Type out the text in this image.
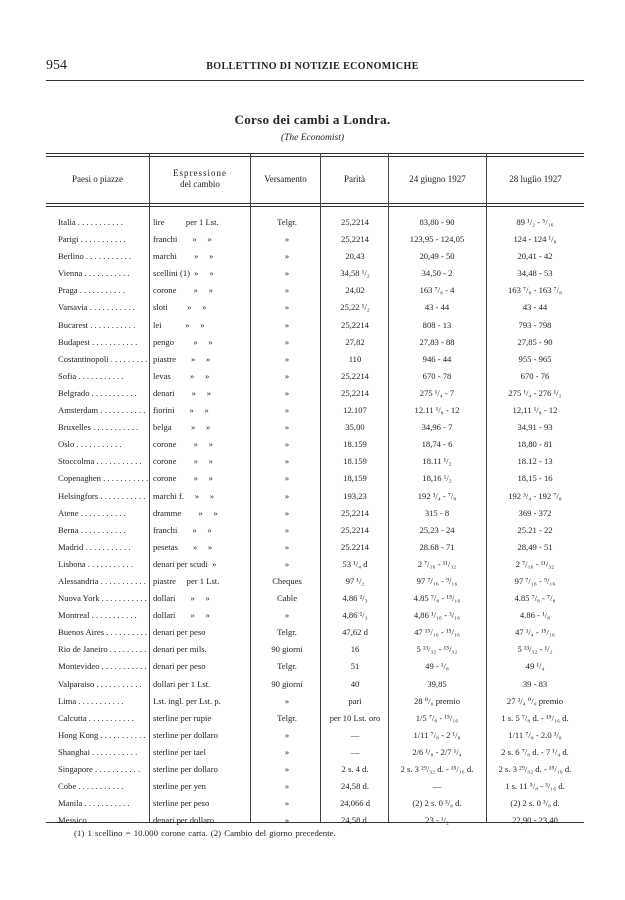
954	BOLLETTINO DI NOTIZIE ECONOMICHE
Corso dei cambi a Londra.
(The Economist)
Paesi o piazze
Espressione
del cambio
Versamento	Parità	24 giugno 1927	28 luglio 1927
Italia . . .	lire          per 1 Lst.	Telgr.	25,2214	83,80 - 90	89 ¹/₂ - ⁵/₁₆
Parigi . . .	franchi       »     »	»	25,2214	123,95 - 124,05	124 - 124 ¹/₈
Berlino . . .	marchi        »     »	»	20,43	20,49 - 50	20,41 - 42
Vienna . . .	scellini (1)  »     »	»	34,58 ¹/₂	34,50 - 2	34,48 - 53
Praga . . .	corone        »     »	»	24,02	163 ⁷/₈ - 4	163 ⁷/₈ - 163 ⁷/₈
Varsavia . . .	sloti         »     »	»	25,22 ¹/₂	43 - 44	43 - 44
Bucarest . . .	lei           »     »	»	25,2214	808 - 13	793 - 798
Budapest . . .	pengo         »     »	»	27,82	27,83 - 88	27,85 - 90
Costantinopoli . . .	piastre       »     »	»	110	946 - 44	955 - 965
Sofia . . .	levas         »     »	»	25,2214	670 - 78	670 - 76
Belgrado . . .	denari        »     »	»	25,2214	275 ¹/₄ - 7	275 ¹/₄ - 276 ¹/₂
Amsterdam . . .	fiorini       »     »	»	12.107	12.11 ¹/₈ - 12	12,11 ¹/₈ - 12
Bruxelles . . .	belga         »     »	»	35,00	34,96 - 7	34,91 - 93
Oslo . . .	corone        »     »	»	18.159	18,74 - 6	18,80 - 81
Stoccolma . . .	corone        »     »	»	18.159	18.11 ¹/₂	18.12 - 13
Copenaghen . . .	corone        »     »	»	18,159	18,16 ¹/₂	18,15 - 16
Helsingfors . . .	marchi f.     »     »	»	193,23	192 ³/₄ - ⁷/₈	192 ³/₄ - 192 ⁷/₈
Atene . . .	dramme        »     »	»	25,2214	315 - 8	369 - 372
Berna . . .	franchi       »     »	»	25,2214	25,23 - 24	25.21 - 22
Madrid . . .	pesetas       »     »	»	25.2214	28.68 - 71	28,49 - 51
Lisbona . . .	denari per scudi  »	»	53 ¹/₄ d	2 ⁷/₁₆ - ¹¹/₃₂	2 ⁷/₁₆ - ¹¹/₃₂
Alessandria . . .	piastre     per 1 Lst.	Cheques	97 ¹/₂	97 ⁷/₁₆ - ⁹/₁₆	97 ⁷/₁₆ - ⁹/₁₆
Nuova York . . .	dollari       »     »	Cable	4.86 ²/₃	4.85 ⁷/₈ - ¹⁵/₁₆	4.85 ⁷/₈ - ⁷/₈
Montreal . . .	dollari       »     »	»	4,86 ²/₃	4,86 ¹/₁₆ - ³/₁₆	4.86 - ¹/₈
Buenos Aires . . .	denari per peso	Telgr.	47,62 d	47 ¹⁵/₁₆ - ¹⁵/₁₆	47 ¹/₄ - ¹⁵/₁₆
Rio de Janeiro . . .	denari per mils.	90 giorni	16	5 ¹³/₃₂ - ¹⁵/₃₂	5 ¹³/₃₂ - ¹/₂
Montevideo . . .	denari per peso	Telgr.	51	49 - ¹/₈	49 ¹/₄
Valparaiso . . .	dollari per 1 Lst.	90 giorni	40	39,85	39 - 83
Lima . . .	Lst. ingl. per Lst. p.	»	pari	28 ⁰/₀ premio	27 ³/₄ ⁰/₀ premio
Calcutta . . .	sterline per rupie	Telgr.	per 10 Lst. oro	1/5 ⁷/₈ - ¹⁵/₁₆	1 s. 5 ⁷/₈ d. - ¹⁵/₁₆ d.
Hong Kong . . .	sterline per dollaro	»	—	1/11 ⁷/₈ - 2 ¹/₈	1/11 ⁷/₈ - 2.0 ³/₈
Shanghai . . .	sterline per tael	»	—	2/6 ¹/₈ - 2/7 ¹/₄	2 s. 6 ⁷/₈ d. - 7 ¹/₄ d.
Singapore . . .	sterline per dollaro	»	2 s. 4 d.	2 s. 3 ²⁹/₃₂ d. - ¹⁵/₁₆ d.	2 s. 3 ²⁹/₃₂ d. - ¹⁵/₁₆ d.
Cobe . . .	sterline per yen	»	24,58 d.	—	1 s. 11 ⁵/₈ - ³/₁₆ d.
Manila . . .	sterline per peso	»	24,066 d	(2) 2 s. 0 ³/₈ d.	(2) 2 s. 0 ³/₈ d.
Messico . . .	denari per dollaro	»	24,58 d.	23 - ¹/₂	22,90 - 23,40
(1) 1 scellino = 10.000 corone carta. (2) Cambio del giorno precedente.
